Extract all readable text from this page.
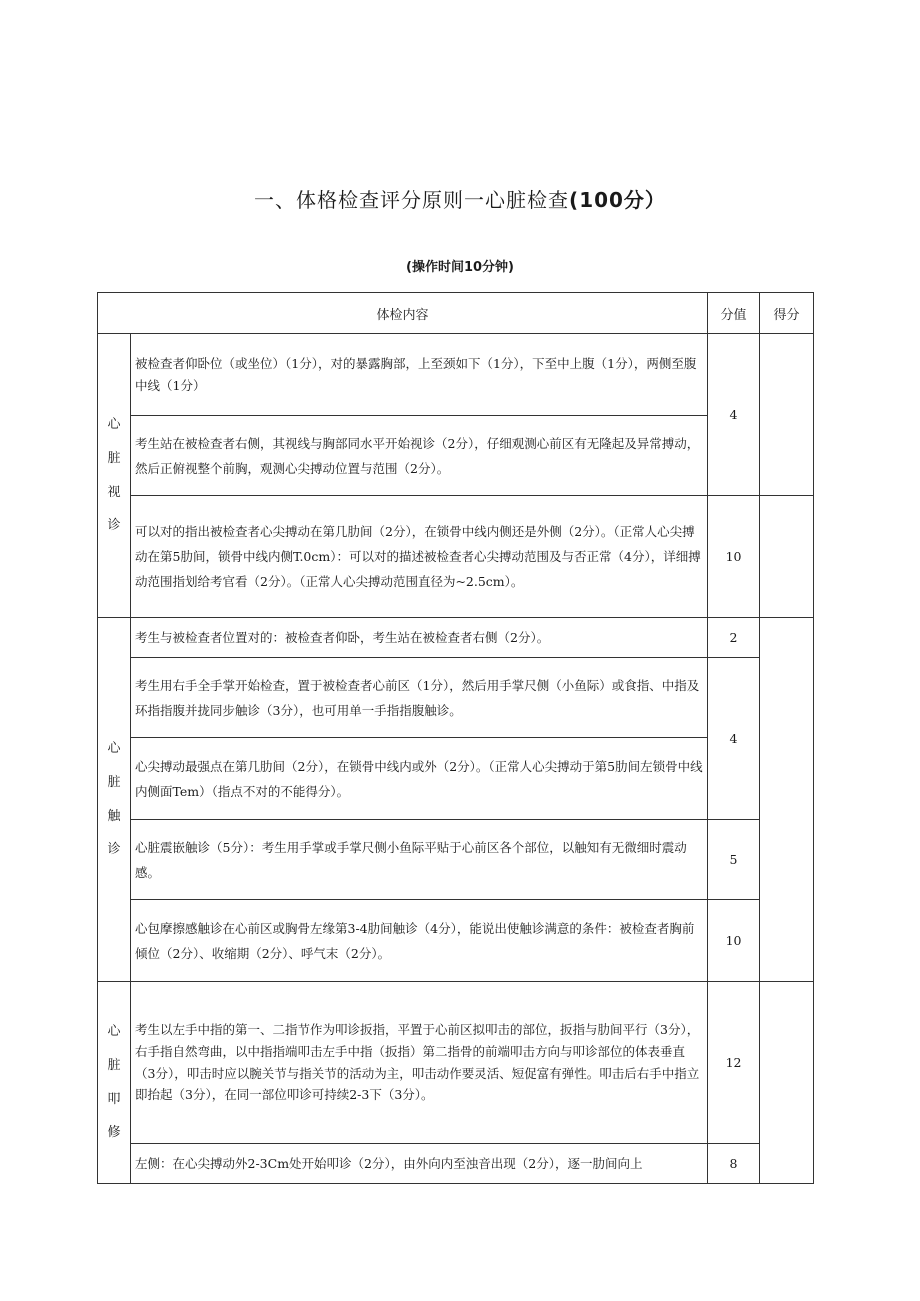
一、体格检查评分原则一心脏检查(100分）
(操作时间10分钟)
体检内容		分值	得分

心
脏
视
诊	被检查者仰卧位（或坐位）（1分），对的暴露胸部，上至颈如下（1分），下至中上腹（1分），两侧至腹中线（1分）	4	
	考生站在被检查者右侧，其视线与胸部同水平开始视诊（2分），仔细观测心前区有无隆起及异常搏动，然后正俯视整个前胸，观测心尖搏动位置与范围（2分）。		
	可以对的指出被检查者心尖搏动在第几肋间（2分），在锁骨中线内侧还是外侧（2分）。（正常人心尖搏动在第5肋间，锁骨中线内侧T.0cm）：可以对的描述被检查者心尖搏动范围及与否正常（4分），详细搏动范围指划给考官看（2分）。（正常人心尖搏动范围直径为~2.5cm）。	10	

心
脏
触
诊	考生与被检查者位置对的：被检查者仰卧，考生站在被检查者右侧（2分）。	2	
	考生用右手全手掌开始检查，置于被检查者心前区（1分），然后用手掌尺侧（小鱼际）或食指、中指及环指指腹并拢同步触诊（3分），也可用单一手指指腹触诊。	4	
	心尖搏动最强点在第几肋间（2分），在锁骨中线内或外（2分）。（正常人心尖搏动于第5肋间左锁骨中线内侧面Tem）（指点不对的不能得分）。		
	心脏震嵌触诊（5分）：考生用手掌或手掌尺侧小鱼际平贴于心前区各个部位，以触知有无微细时震动感。	5	
	心包摩擦感触诊在心前区或胸骨左缘第3-4肋间触诊（4分），能说出使触诊满意的条件：被检查者胸前倾位（2分）、收缩期（2分）、呼气末（2分）。	10	

心
脏
叩
修	考生以左手中指的第一、二指节作为叩诊扳指，平置于心前区拟叩击的部位，扳指与肋间平行（3分），右手指自然弯曲，以中指指端叩击左手中指（扳指）第二指骨的前端叩击方向与叩诊部位的体表垂直（3分），叩击时应以腕关节与指关节的活动为主，叩击动作要灵活、短促富有弹性。叩击后右手中指立即抬起（3分），在同一部位叩诊可持续2-3下（3分）。	12	
	左侧：在心尖搏动外2-3Cm处开始叩诊（2分），由外向内至浊音出现（2分），逐一肋间向上	8	
